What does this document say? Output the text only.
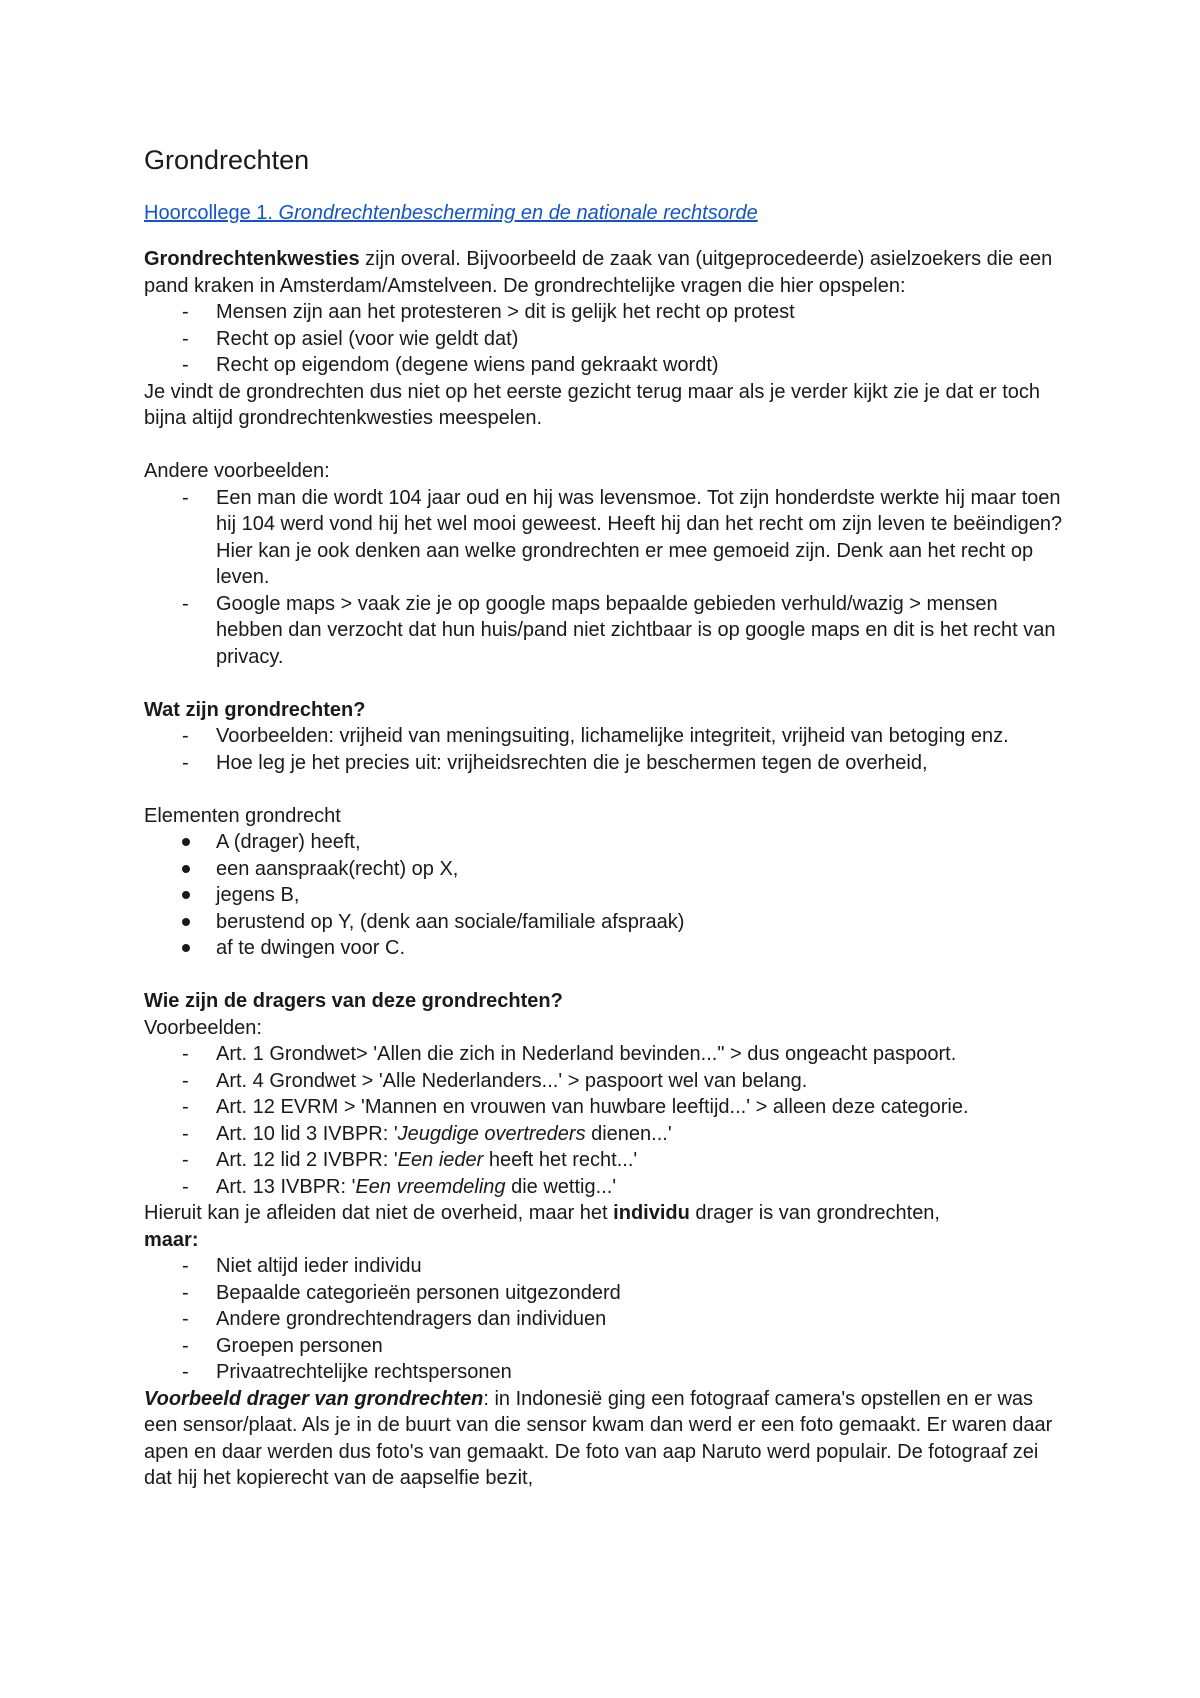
Grondrechten
Hoorcollege 1. Grondrechtenbescherming en de nationale rechtsorde

Grondrechtenkwesties zijn overal. Bijvoorbeeld de zaak van (uitgeprocedeerde) asielzoekers die een pand kraken in Amsterdam/Amstelveen. De grondrechtelijke vragen die hier opspelen:

- Mensen zijn aan het protesteren > dit is gelijk het recht op protest
- Recht op asiel (voor wie geldt dat)
- Recht op eigendom (degene wiens pand gekraakt wordt)

Je vindt de grondrechten dus niet op het eerste gezicht terug maar als je verder kijkt zie je dat er toch bijna altijd grondrechtenkwesties meespelen.

Andere voorbeelden:

- Een man die wordt 104 jaar oud en hij was levensmoe. Tot zijn honderdste werkte hij maar toen hij 104 werd vond hij het wel mooi geweest. Heeft hij dan het recht om zijn leven te beëindigen? Hier kan je ook denken aan welke grondrechten er mee gemoeid zijn. Denk aan het recht op leven.
- Google maps > vaak zie je op google maps bepaalde gebieden verhuld/wazig > mensen hebben dan verzocht dat hun huis/pand niet zichtbaar is op google maps en dit is het recht van privacy.

Wat zijn grondrechten?

- Voorbeelden: vrijheid van meningsuiting, lichamelijke integriteit, vrijheid van betoging enz.
- Hoe leg je het precies uit: vrijheidsrechten die je beschermen tegen de overheid,

Elementen grondrecht

A (drager) heeft,
een aanspraak(recht) op X,
jegens B,
berustend op Y, (denk aan sociale/familiale afspraak)
af te dwingen voor C.

Wie zijn de dragers van deze grondrechten?

Voorbeelden:

- Art. 1 Grondwet> 'Allen die zich in Nederland bevinden..." > dus ongeacht paspoort.
- Art. 4 Grondwet > 'Alle Nederlanders...' > paspoort wel van belang.
- Art. 12 EVRM > 'Mannen en vrouwen van huwbare leeftijd...' > alleen deze categorie.
- Art. 10 lid 3 IVBPR: 'Jeugdige overtreders dienen...'
- Art. 12 lid 2 IVBPR: 'Een ieder heeft het recht...'
- Art. 13 IVBPR: 'Een vreemdeling die wettig...'

Hieruit kan je afleiden dat niet de overheid, maar het individu drager is van grondrechten,

maar:

- Niet altijd ieder individu
- Bepaalde categorieën personen uitgezonderd
- Andere grondrechtendragers dan individuen
- Groepen personen
- Privaatrechtelijke rechtspersonen

Voorbeeld drager van grondrechten: in Indonesië ging een fotograaf camera's opstellen en er was een sensor/plaat. Als je in de buurt van die sensor kwam dan werd er een foto gemaakt. Er waren daar apen en daar werden dus foto's van gemaakt. De foto van aap Naruto werd populair. De fotograaf zei dat hij het kopierecht van de aapselfie bezit,
